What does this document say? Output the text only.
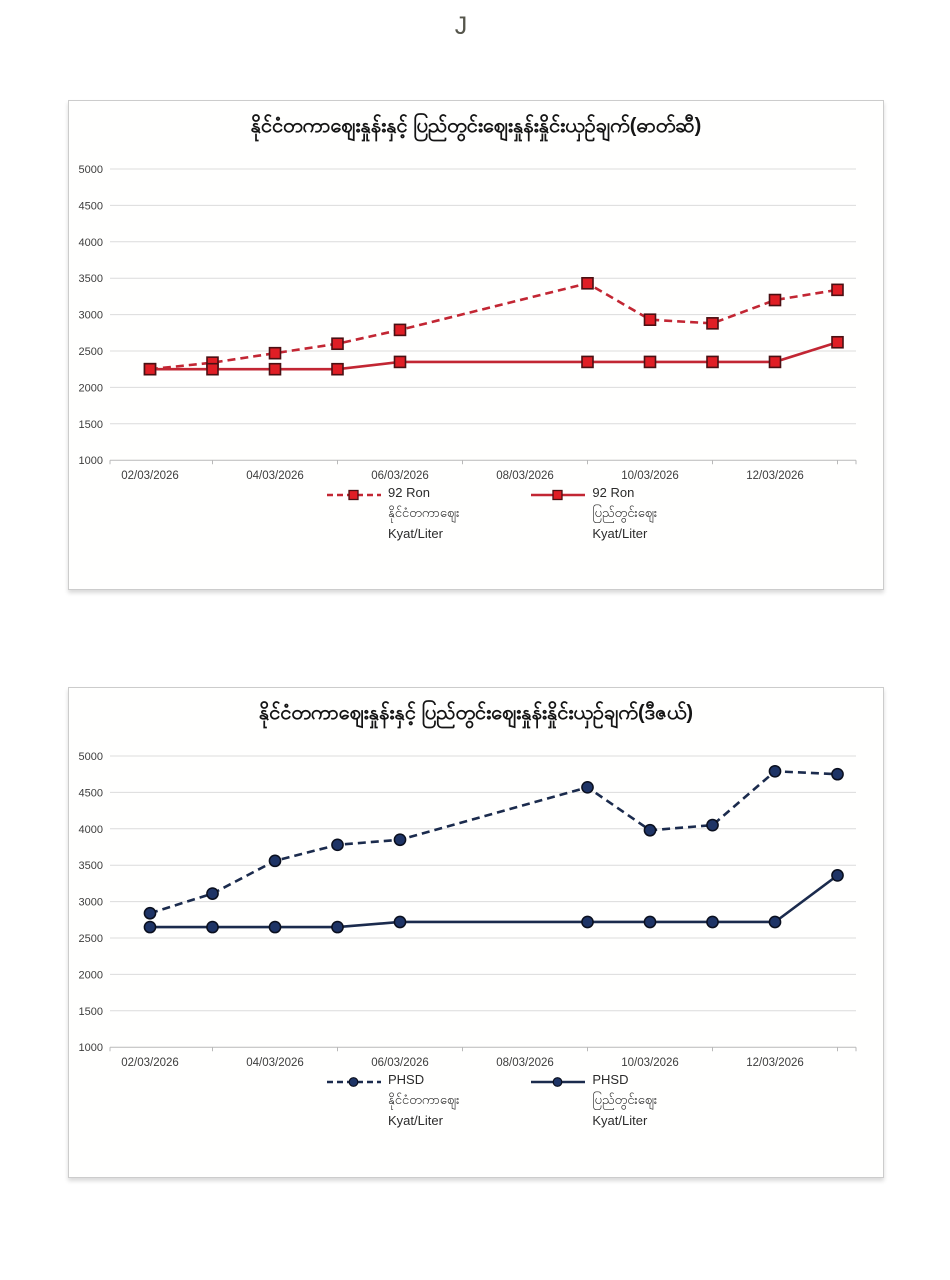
J
နိုင်ငံတကာဈေးနှုန်းနှင့် ပြည်တွင်းဈေးနှုန်းနှိုင်းယှဉ်ချက်(ဓာတ်ဆီ)
5000
4500
4000
3500
3000
2500
2000
1500
1000
02/03/2026	04/03/2026	06/03/2026	08/03/2026	10/03/2026	12/03/2026
92 Ron
နိုင်ငံတကာဈေး
Kyat/Liter
92 Ron
ပြည်တွင်းဈေး
Kyat/Liter
နိုင်ငံတကာဈေးနှုန်းနှင့် ပြည်တွင်းဈေးနှုန်းနှိုင်းယှဉ်ချက်(ဒီဇယ်)
5000
4500
4000
3500
3000
2500
2000
1500
1000
02/03/2026	04/03/2026	06/03/2026	08/03/2026	10/03/2026	12/03/2026
PHSD
နိုင်ငံတကာဈေး
Kyat/Liter
PHSD
ပြည်တွင်းဈေး
Kyat/Liter
